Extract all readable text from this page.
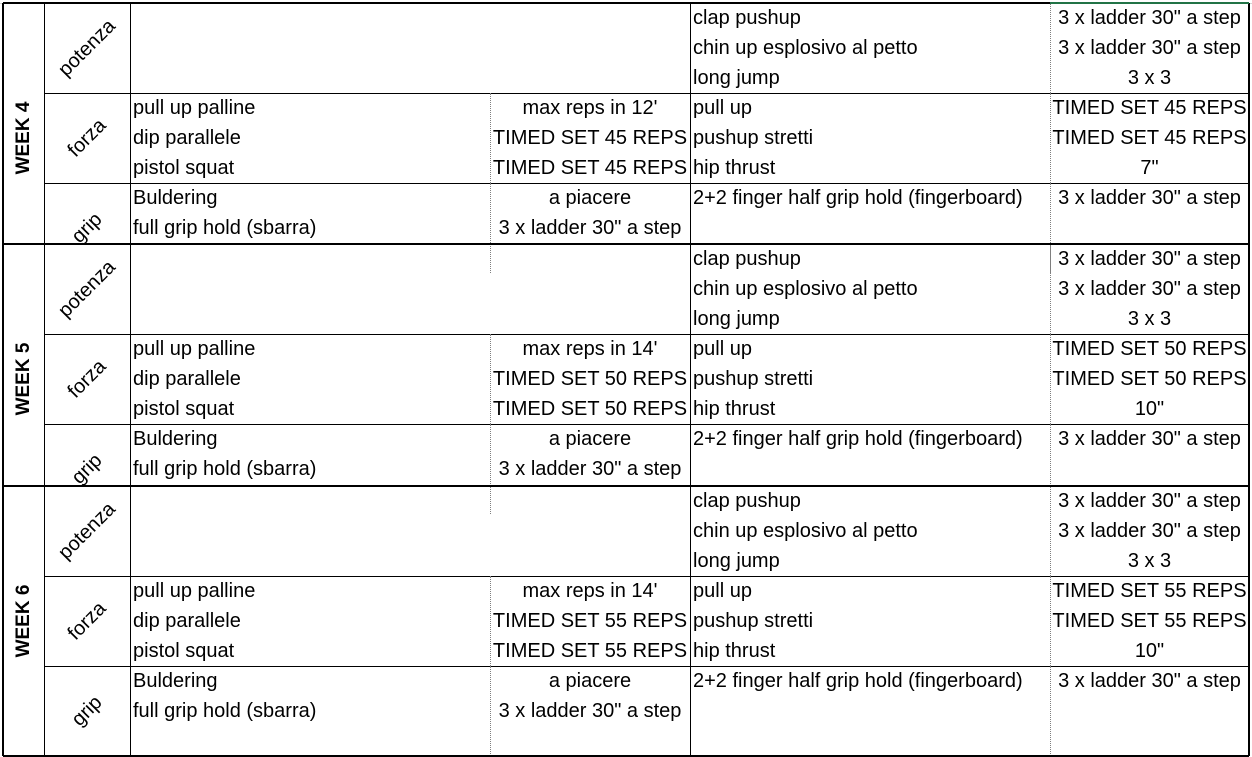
WEEK 4
potenza	clap pushup	3 x ladder 30" a step
chin up esplosivo al petto	3 x ladder 30" a step
long jump	3 x 3
forza
pull up palline	max reps in 12'	pull up	TIMED SET 45 REPS
dip parallele	TIMED SET 45 REPS pushup stretti	TIMED SET 45 REPS
pistol squat	TIMED SET 45 REPS hip thrust	7"
grip
Buldering	a piacere	2+2 finger half grip hold (fingerboard)	3 x ladder 30" a step
full grip hold (sbarra)	3 x ladder 30" a step
WEEK 5
potenza	clap pushup	3 x ladder 30" a step
chin up esplosivo al petto	3 x ladder 30" a step
long jump	3 x 3
forza
pull up palline	max reps in 14'	pull up	TIMED SET 50 REPS
dip parallele	TIMED SET 50 REPS pushup stretti	TIMED SET 50 REPS
pistol squat	TIMED SET 50 REPS hip thrust	10"
grip
Buldering	a piacere	2+2 finger half grip hold (fingerboard)	3 x ladder 30" a step
full grip hold (sbarra)	3 x ladder 30" a step
WEEK 6
potenza	clap pushup	3 x ladder 30" a step
chin up esplosivo al petto	3 x ladder 30" a step
long jump	3 x 3
forza
pull up palline	max reps in 14'	pull up	TIMED SET 55 REPS
dip parallele	TIMED SET 55 REPS pushup stretti	TIMED SET 55 REPS
pistol squat	TIMED SET 55 REPS hip thrust	10"
grip
Buldering	a piacere	2+2 finger half grip hold (fingerboard)	3 x ladder 30" a step
full grip hold (sbarra)	3 x ladder 30" a step
